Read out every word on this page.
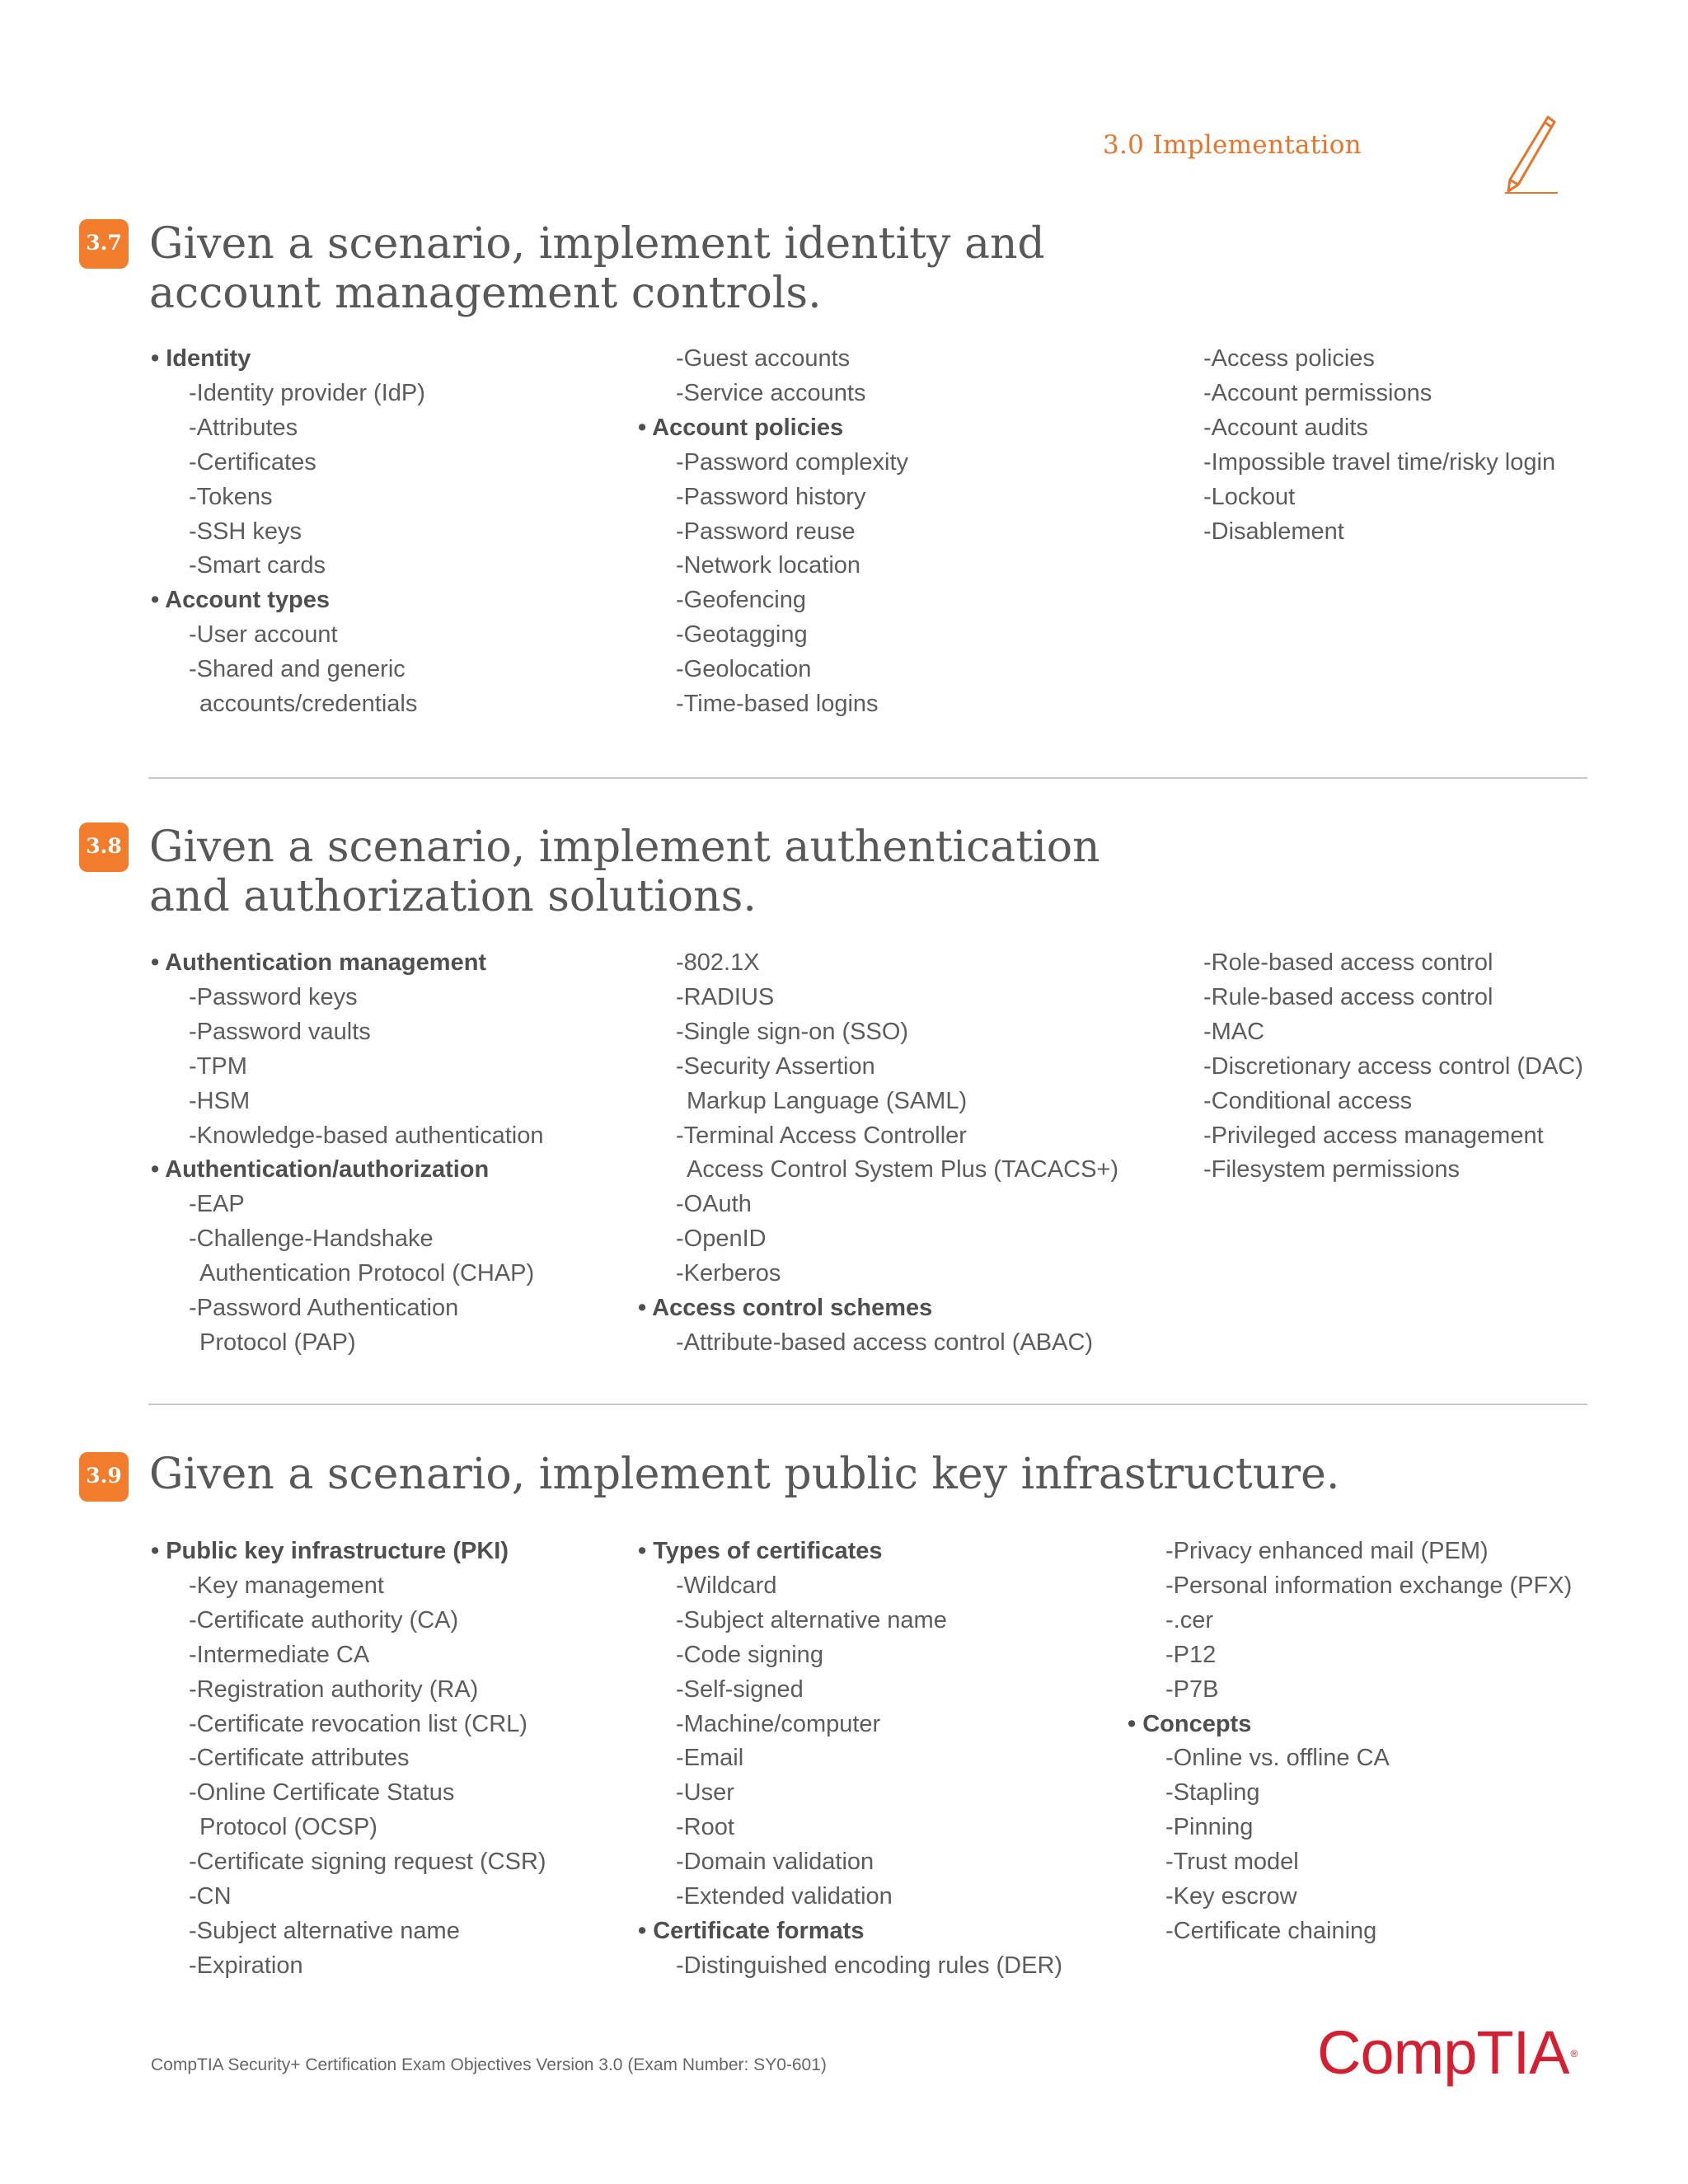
3.0 Implementation
3.7 Given a scenario, implement identity and
account management controls.
• Identity
-Identity provider (IdP)
-Attributes
-Certificates
-Tokens
-SSH keys
-Smart cards
• Account types
-User account
-Shared and generic
accounts/credentials
-Guest accounts
-Service accounts
• Account policies
-Password complexity
-Password history
-Password reuse
-Network location
-Geofencing
-Geotagging
-Geolocation
-Time-based logins
-Access policies
-Account permissions
-Account audits
-Impossible travel time/risky login
-Lockout
-Disablement
3.8 Given a scenario, implement authentication
and authorization solutions.
• Authentication management
-Password keys
-Password vaults
-TPM
-HSM
-Knowledge-based authentication
• Authentication/authorization
-EAP
-Challenge-Handshake
Authentication Protocol (CHAP)
-Password Authentication
Protocol (PAP)
-802.1X
-RADIUS
-Single sign-on (SSO)
-Security Assertion
Markup Language (SAML)
-Terminal Access Controller
Access Control System Plus (TACACS+)
-OAuth
-OpenID
-Kerberos
• Access control schemes
-Attribute-based access control (ABAC)
-Role-based access control
-Rule-based access control
-MAC
-Discretionary access control (DAC)
-Conditional access
-Privileged access management
-Filesystem permissions
3.9 Given a scenario, implement public key infrastructure.
• Public key infrastructure (PKI)
-Key management
-Certificate authority (CA)
-Intermediate CA
-Registration authority (RA)
-Certificate revocation list (CRL)
-Certificate attributes
-Online Certificate Status
Protocol (OCSP)
-Certificate signing request (CSR)
-CN
-Subject alternative name
-Expiration
• Types of certificates
-Wildcard
-Subject alternative name
-Code signing
-Self-signed
-Machine/computer
-Email
-User
-Root
-Domain validation
-Extended validation
• Certificate formats
-Distinguished encoding rules (DER)
-Privacy enhanced mail (PEM)
-Personal information exchange (PFX)
-.cer
-P12
-P7B
• Concepts
-Online vs. offline CA
-Stapling
-Pinning
-Trust model
-Key escrow
-Certificate chaining
CompTIA Security+ Certification Exam Objectives Version 3.0 (Exam Number: SY0-601)	CompTIA ®
